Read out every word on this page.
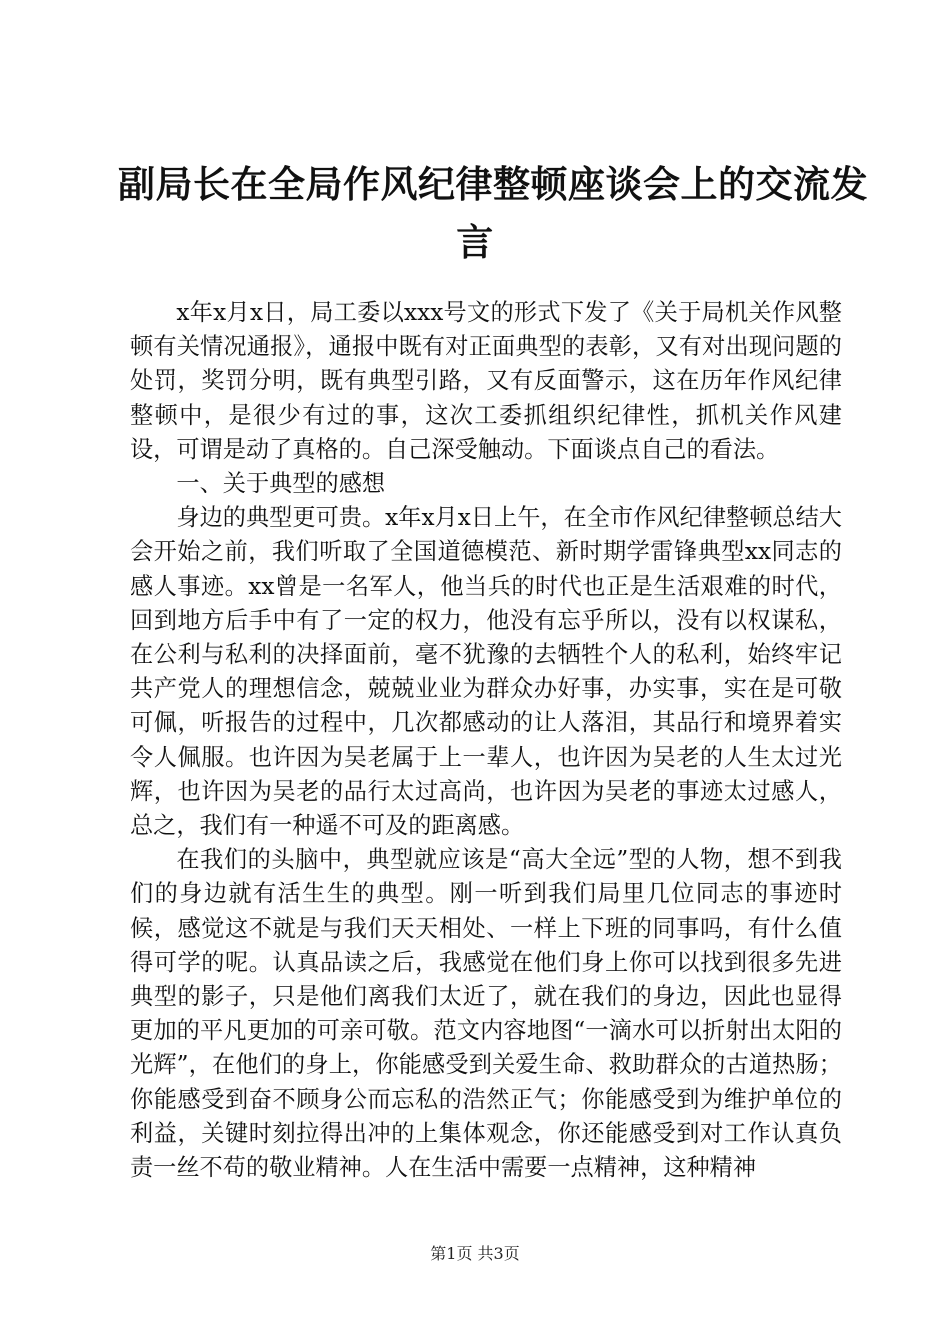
副局长在全局作风纪律整顿座谈会上的交流发
言

x年x月x日，局工委以xxx号文的形式下发了《关于局机关作风整顿有关情况通报》，通报中既有对正面典型的表彰，又有对出现问题的处罚，奖罚分明，既有典型引路，又有反面警示，这在历年作风纪律整顿中，是很少有过的事，这次工委抓组织纪律性，抓机关作风建设，可谓是动了真格的。自己深受触动。下面谈点自己的看法。

一、关于典型的感想

身边的典型更可贵。x年x月x日上午，在全市作风纪律整顿总结大会开始之前，我们听取了全国道德模范、新时期学雷锋典型xx同志的感人事迹。xx曾是一名军人，他当兵的时代也正是生活艰难的时代，回到地方后手中有了一定的权力，他没有忘乎所以，没有以权谋私，在公利与私利的决择面前，毫不犹豫的去牺牲个人的私利，始终牢记共产党人的理想信念，兢兢业业为群众办好事，办实事，实在是可敬可佩，听报告的过程中，几次都感动的让人落泪，其品行和境界着实令人佩服。也许因为吴老属于上一辈人，也许因为吴老的人生太过光辉，也许因为吴老的品行太过高尚，也许因为吴老的事迹太过感人，总之，我们有一种遥不可及的距离感。

在我们的头脑中，典型就应该是“高大全远”型的人物，想不到我们的身边就有活生生的典型。刚一听到我们局里几位同志的事迹时候，感觉这不就是与我们天天相处、一样上下班的同事吗，有什么值得可学的呢。认真品读之后，我感觉在他们身上你可以找到很多先进典型的影子，只是他们离我们太近了，就在我们的身边，因此也显得更加的平凡更加的可亲可敬。范文内容地图“一滴水可以折射出太阳的光辉”，在他们的身上，你能感受到关爱生命、救助群众的古道热肠；你能感受到奋不顾身公而忘私的浩然正气；你能感受到为维护单位的利益，关键时刻拉得出冲的上集体观念，你还能感受到对工作认真负责一丝不苟的敬业精神。人在生活中需要一点精神，这种精神

第1页 共3页
